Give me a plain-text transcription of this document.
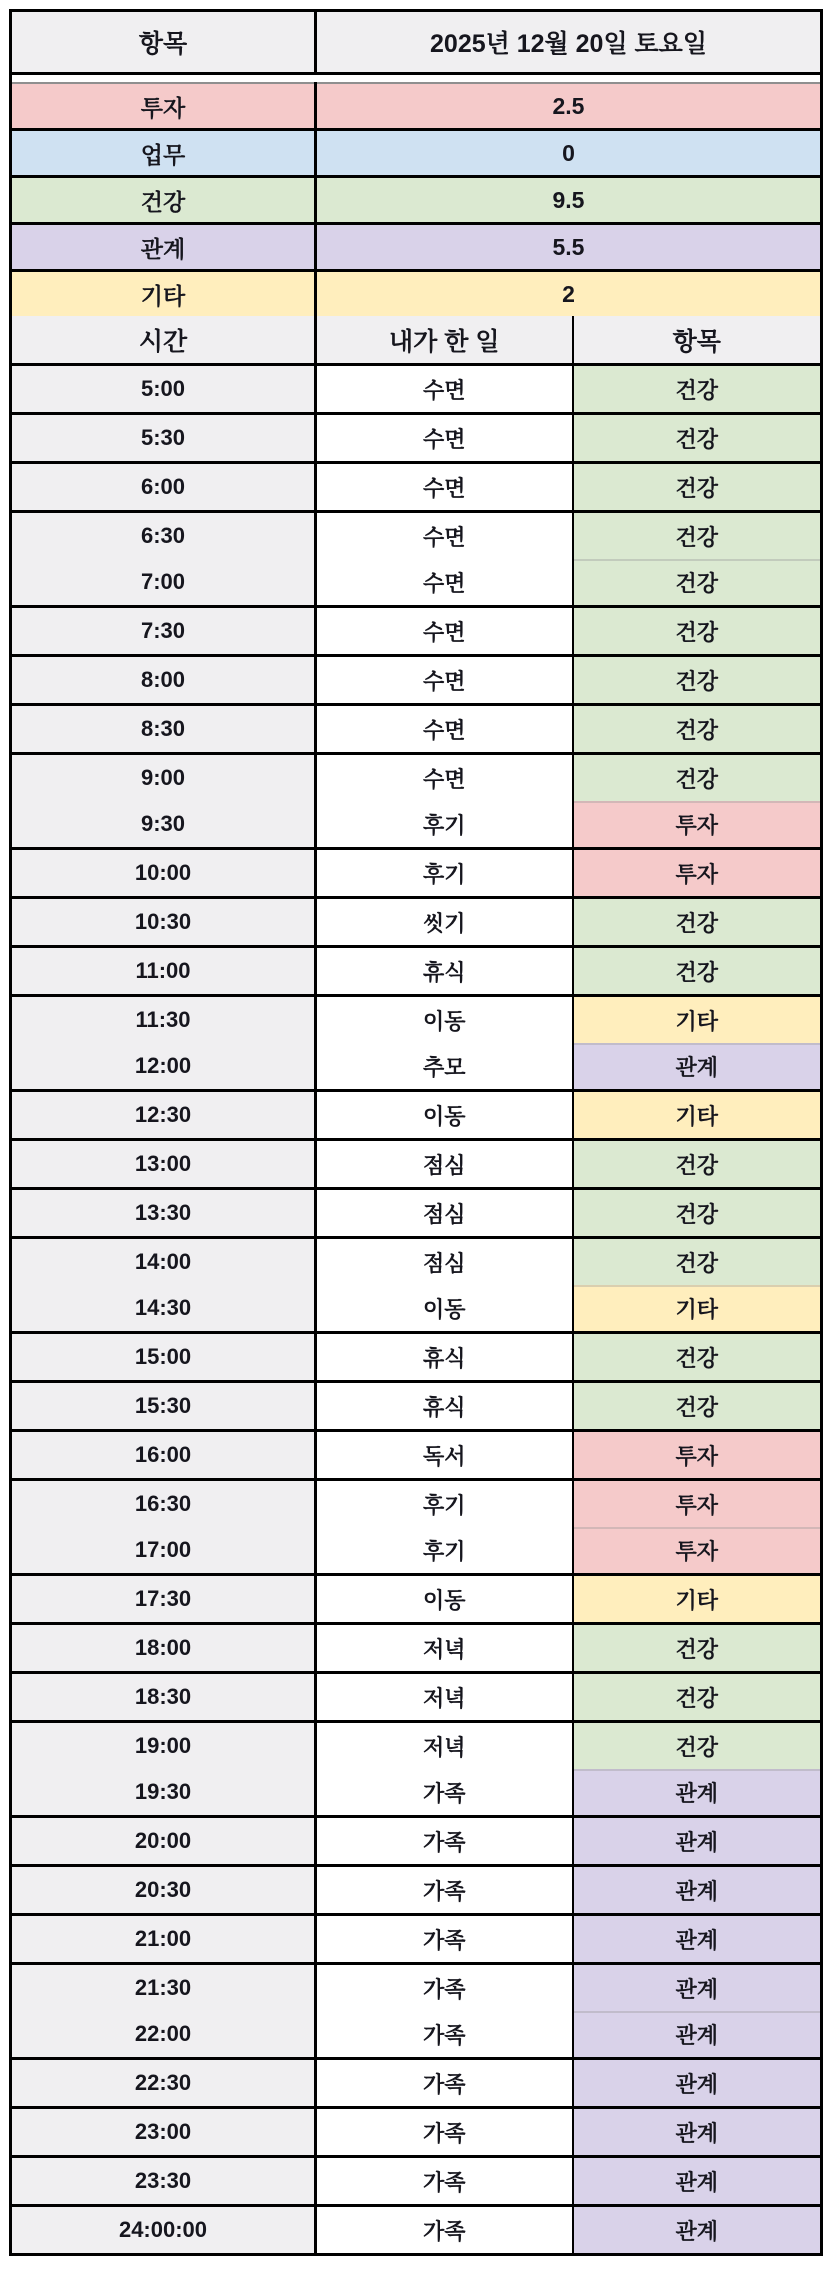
항목	2025년 12월 20일 토요일	

투자	2.5	
업무	0	
건강	9.5	
관계	5.5	
기타	2	
시간	내가 한 일	항목
5:00	수면	건강
5:30	수면	건강
6:00	수면	건강
6:30	수면	건강
7:00	수면	건강
7:30	수면	건강
8:00	수면	건강
8:30	수면	건강
9:00	수면	건강
9:30	후기	투자
10:00	후기	투자
10:30	씻기	건강
11:00	휴식	건강
11:30	이동	기타
12:00	추모	관계
12:30	이동	기타
13:00	점심	건강
13:30	점심	건강
14:00	점심	건강
14:30	이동	기타
15:00	휴식	건강
15:30	휴식	건강
16:00	독서	투자
16:30	후기	투자
17:00	후기	투자
17:30	이동	기타
18:00	저녁	건강
18:30	저녁	건강
19:00	저녁	건강
19:30	가족	관계
20:00	가족	관계
20:30	가족	관계
21:00	가족	관계
21:30	가족	관계
22:00	가족	관계
22:30	가족	관계
23:00	가족	관계
23:30	가족	관계
24:00:00	가족	관계
